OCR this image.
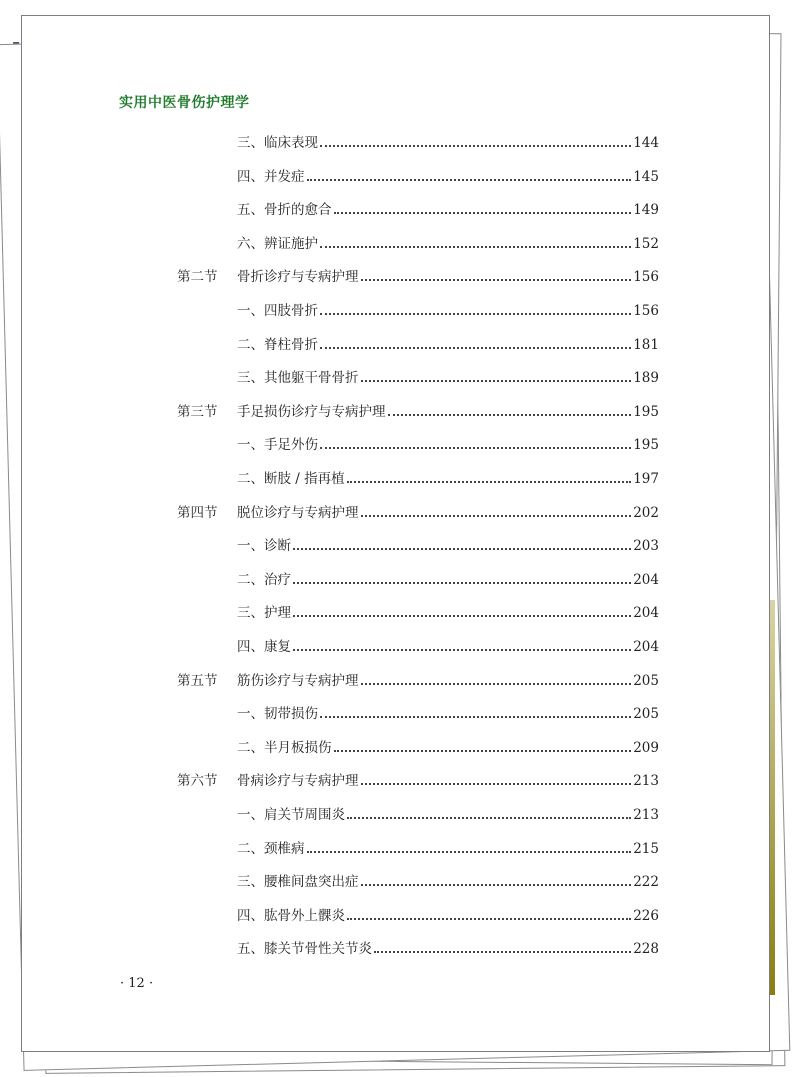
实用中医骨伤护理学
三、临床表现	144
四、并发症	145
五、骨折的愈合	149
六、辨证施护	152
第二节	骨折诊疗与专病护理	156
一、四肢骨折	156
二、脊柱骨折	181
三、其他躯干骨骨折	189
第三节	手足损伤诊疗与专病护理	195
一、手足外伤	195
二、断肢 / 指再植	197
第四节	脱位诊疗与专病护理	202
一、诊断	203
二、治疗	204
三、护理	204
四、康复	204
第五节	筋伤诊疗与专病护理	205
一、韧带损伤	205
二、半月板损伤	209
第六节	骨病诊疗与专病护理	213
一、肩关节周围炎	213
二、颈椎病	215
三、腰椎间盘突出症	222
四、肱骨外上髁炎	226
五、膝关节骨性关节炎	228
· 12 ·
